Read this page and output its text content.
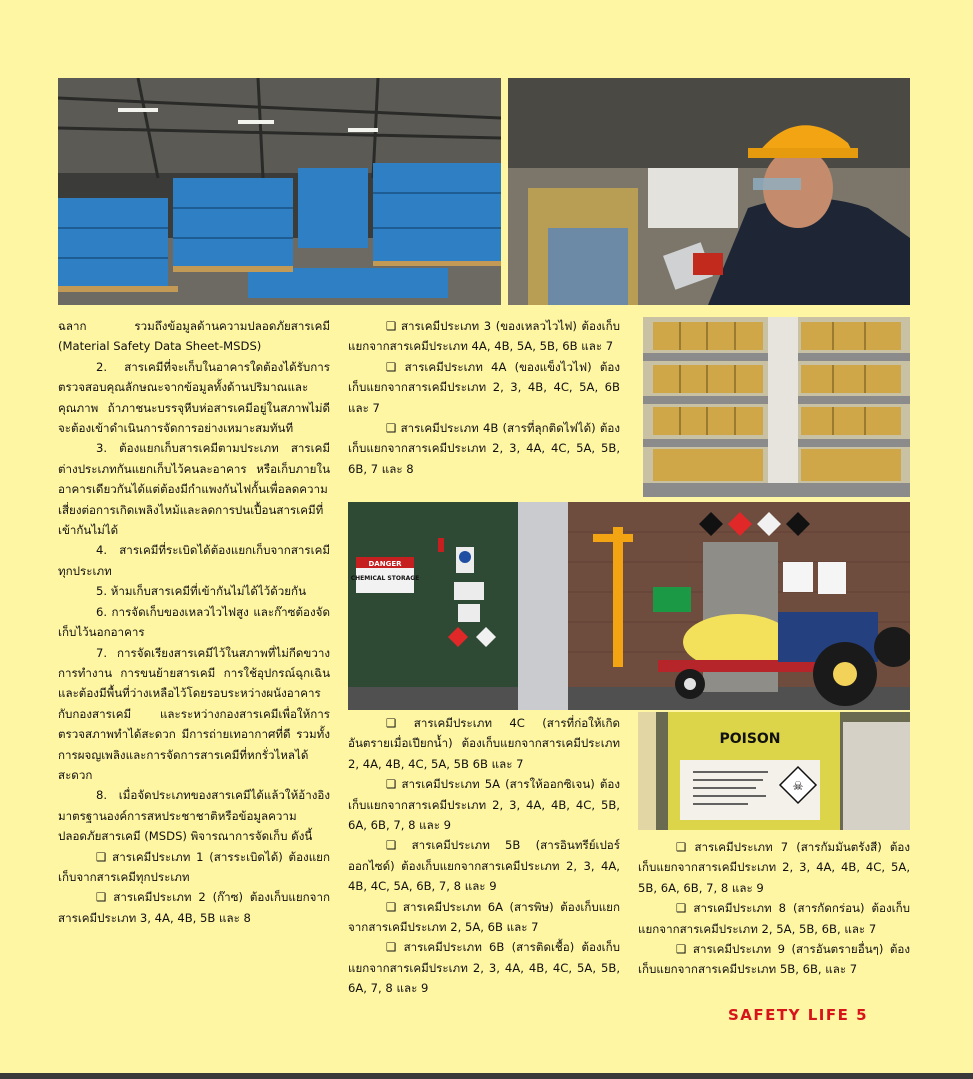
DANGER
CHEMICAL STORAGE
☠
POISON

ฉลาก รวมถึงข้อมูลด้านความปลอดภัยสารเคมี (Material Safety Data Sheet-MSDS)

2. สารเคมีที่จะเก็บในอาคารใดต้องได้รับการตรวจสอบคุณลักษณะจากข้อมูลทั้งด้านปริมาณและคุณภาพ ถ้าภาชนะบรรจุหีบห่อสารเคมีอยู่ในสภาพไม่ดีจะต้องเข้าดำเนินการจัดการอย่างเหมาะสมทันที

3. ต้องแยกเก็บสารเคมีตามประเภท สารเคมีต่างประเภทกันแยกเก็บไว้คนละอาคาร หรือเก็บภายในอาคารเดียวกันได้แต่ต้องมีกำแพงกันไฟกั้นเพื่อลดความเสี่ยงต่อการเกิดเพลิงไหม้และลดการปนเปื้อนสารเคมีที่เข้ากันไม่ได้

4. สารเคมีที่ระเบิดได้ต้องแยกเก็บจากสารเคมีทุกประเภท

5. ห้ามเก็บสารเคมีที่เข้ากันไม่ได้ไว้ด้วยกัน

6. การจัดเก็บของเหลวไวไฟสูง และก๊าซต้องจัดเก็บไว้นอกอาคาร

7. การจัดเรียงสารเคมีไว้ในสภาพที่ไม่กีดขวาง การทำงาน การขนย้ายสารเคมี การใช้อุปกรณ์ฉุกเฉิน และต้องมีพื้นที่ว่างเหลือไว้โดยรอบระหว่างผนังอาคารกับกองสารเคมี และระหว่างกองสารเคมีเพื่อให้การตรวจสภาพทำได้สะดวก มีการถ่ายเทอากาศที่ดี รวมทั้งการผจญเพลิงและการจัดการสารเคมีที่หกรั่วไหลได้สะดวก

8. เมื่อจัดประเภทของสารเคมีได้แล้วให้อ้างอิงมาตรฐานองค์การสหประชาชาติหรือข้อมูลความปลอดภัยสารเคมี (MSDS) พิจารณาการจัดเก็บ ดังนี้

❑ สารเคมีประเภท 1 (สารระเบิดได้) ต้องแยกเก็บจากสารเคมีทุกประเภท

❑ สารเคมีประเภท 2 (ก๊าซ) ต้องเก็บแยกจากสารเคมีประเภท 3, 4A, 4B, 5B และ 8

❑ สารเคมีประเภท 3 (ของเหลวไวไฟ) ต้องเก็บแยกจากสารเคมีประเภท 4A, 4B, 5A, 5B, 6B และ 7

❑ สารเคมีประเภท 4A (ของแข็งไวไฟ) ต้องเก็บแยกจากสารเคมีประเภท 2, 3, 4B, 4C, 5A, 6B และ 7

❑ สารเคมีประเภท 4B (สารที่ลุกติดไฟได้) ต้องเก็บแยกจากสารเคมีประเภท 2, 3, 4A, 4C, 5A, 5B, 6B, 7 และ 8

❑ สารเคมีประเภท 4C (สารที่ก่อให้เกิดอันตรายเมื่อเปียกน้ำ) ต้องเก็บแยกจากสารเคมีประเภท 2, 4A, 4B, 4C, 5A, 5B 6B และ 7

❑ สารเคมีประเภท 5A (สารให้ออกซิเจน) ต้องเก็บแยกจากสารเคมีประเภท 2, 3, 4A, 4B, 4C, 5B, 6A, 6B, 7, 8 และ 9

❑ สารเคมีประเภท 5B (สารอินทรีย์เปอร์ออกไซด์) ต้องเก็บแยกจากสารเคมีประเภท 2, 3, 4A, 4B, 4C, 5A, 6B, 7, 8 และ 9

❑ สารเคมีประเภท 6A (สารพิษ) ต้องเก็บแยกจากสารเคมีประเภท 2, 5A, 6B และ 7

❑ สารเคมีประเภท 6B (สารติดเชื้อ) ต้องเก็บแยกจากสารเคมีประเภท 2, 3, 4A, 4B, 4C, 5A, 5B, 6A, 7, 8 และ 9

❑ สารเคมีประเภท 7 (สารกัมมันตรังสี) ต้องเก็บแยกจากสารเคมีประเภท 2, 3, 4A, 4B, 4C, 5A, 5B, 6A, 6B, 7, 8 และ 9

❑ สารเคมีประเภท 8 (สารกัดกร่อน) ต้องเก็บแยกจากสารเคมีประเภท 2, 5A, 5B, 6B, และ 7

❑ สารเคมีประเภท 9 (สารอันตรายอื่นๆ) ต้องเก็บแยกจากสารเคมีประเภท 5B, 6B, และ 7

SAFETY LIFE 5
